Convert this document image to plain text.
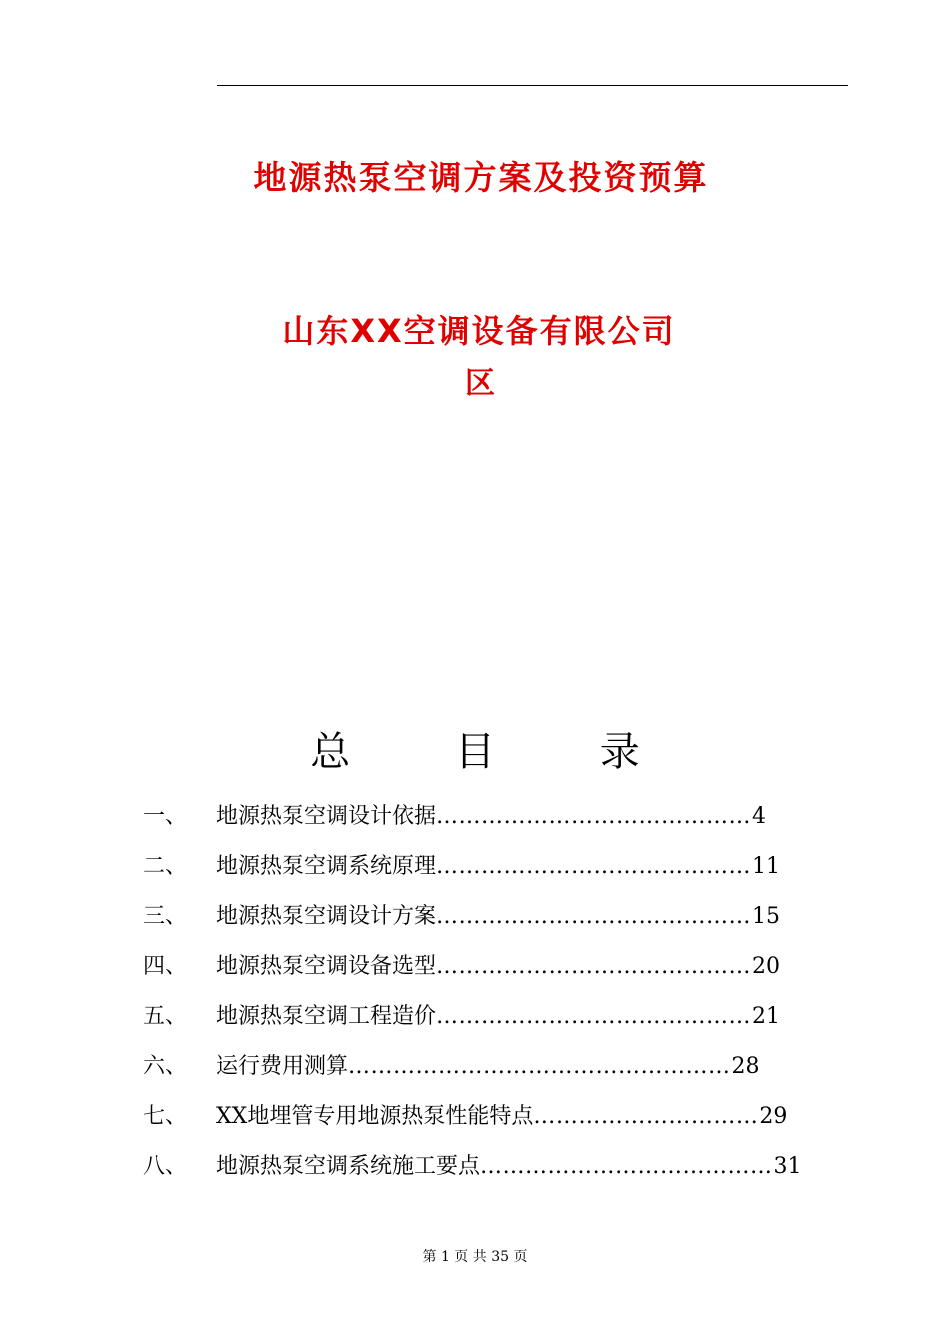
地源热泵空调方案及投资预算
山东XX空调设备有限公司
区
总	目	录
一、 地源热泵空调设计依据……………………………………4
二、 地源热泵空调系统原理……………………………………11
三、 地源热泵空调设计方案……………………………………15
四、 地源热泵空调设备选型……………………………………20
五、 地源热泵空调工程造价……………………………………21
六、 运行费用测算……………………………………………28
七、 XX地埋管专用地源热泵性能特点…………………………29
八、 地源热泵空调系统施工要点…………………………………31
第 1 页 共 35 页
